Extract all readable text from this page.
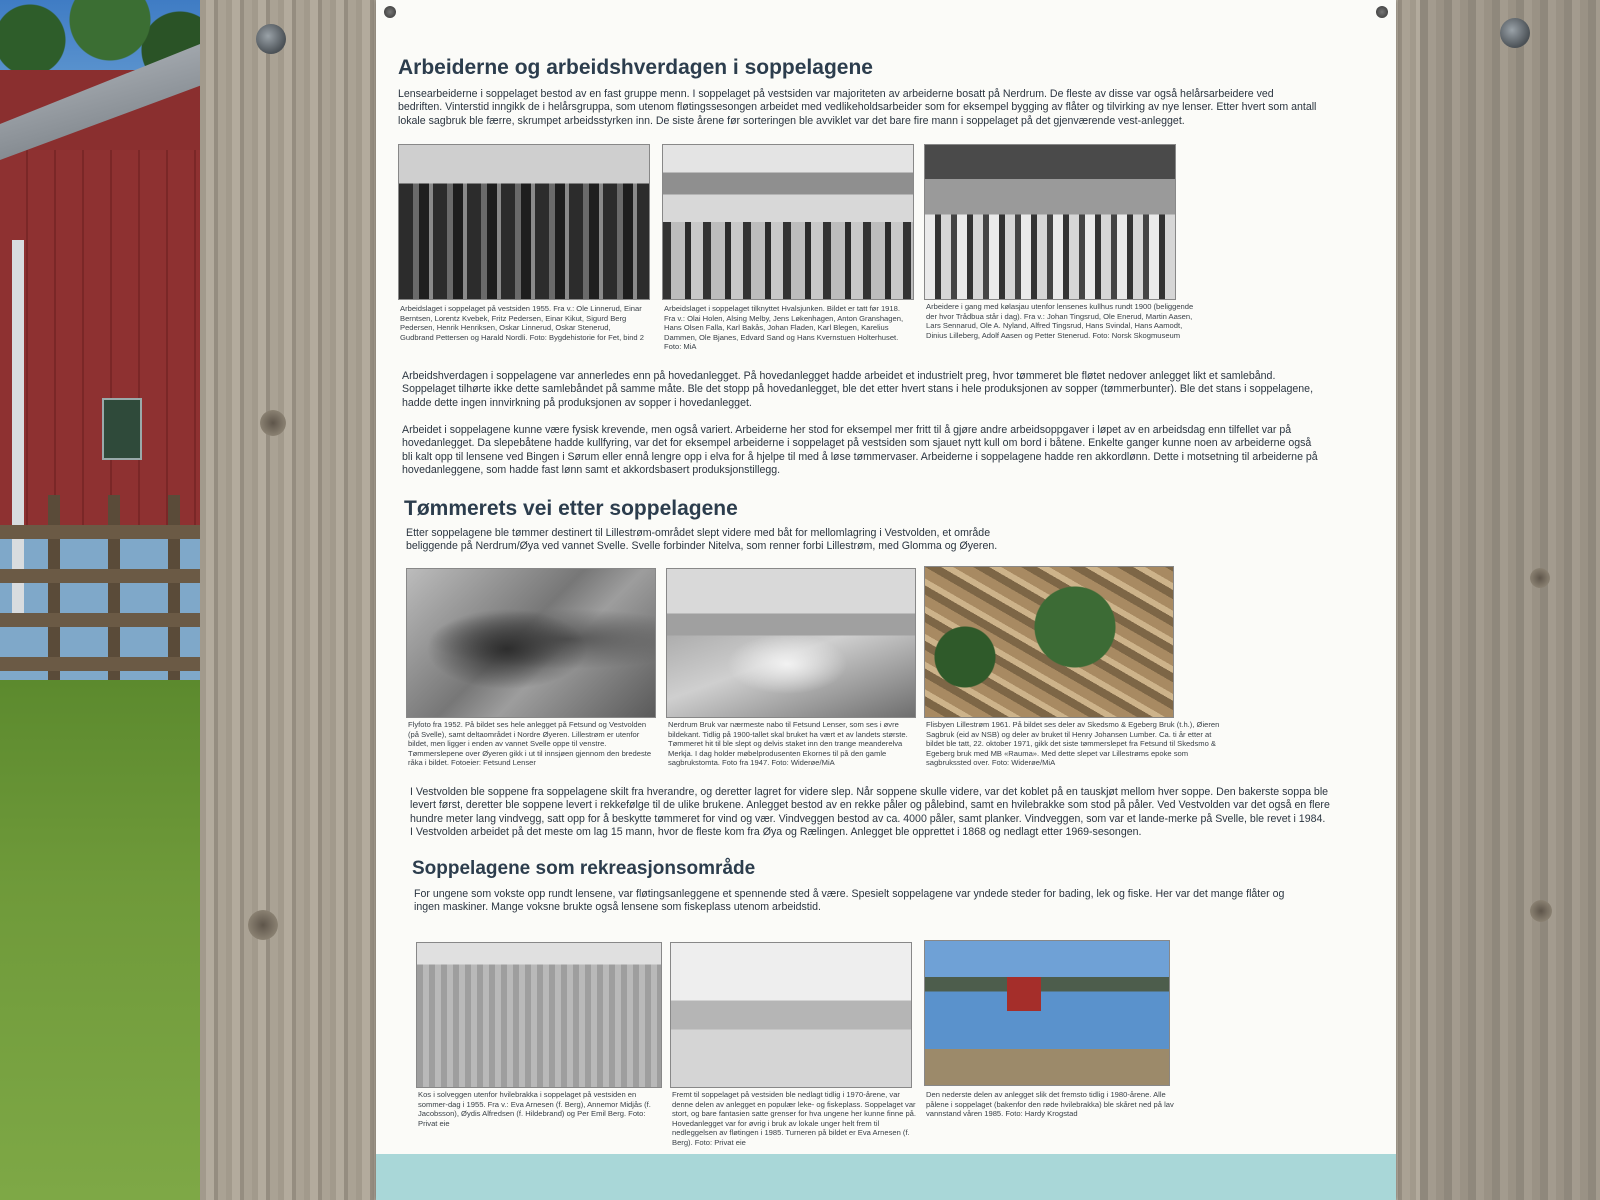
Arbeiderne og arbeidshverdagen i soppelagene

Lensearbeiderne i soppelaget bestod av en fast gruppe menn. I soppelaget på vestsiden var majoriteten av arbeiderne bosatt på Nerdrum. De fleste av disse var også helårsarbeidere ved bedriften. Vinterstid inngikk de i helårsgruppa, som utenom fløtingssesongen arbeidet med vedlikeholdsarbeider som for eksempel bygging av flåter og tilvirking av nye lenser. Etter hvert som antall lokale sagbruk ble færre, skrumpet arbeidsstyrken inn. De siste årene før sorteringen ble avviklet var det bare fire mann i soppelaget på det gjenværende vest-anlegget.

Arbeidslaget i soppelaget på vestsiden 1955. Fra v.: Ole Linnerud, Einar Berntsen, Lorentz Kvebek, Fritz Pedersen, Einar Kikut, Sigurd Berg Pedersen, Henrik Henriksen, Oskar Linnerud, Oskar Stenerud, Gudbrand Pettersen og Harald Nordli. Foto: Bygdehistorie for Fet, bind 2

Arbeidslaget i soppelaget tilknyttet Hvalsjunken. Bildet er tatt før 1918. Fra v.: Olai Holen, Alsing Melby, Jens Løkenhagen, Anton Granshagen, Hans Olsen Falla, Karl Bakås, Johan Fladen, Karl Blegen, Karelius Dammen, Ole Bjanes, Edvard Sand og Hans Kvernstuen Holterhuset. Foto: MiA

Arbeidere i gang med kølasjau utenfor lensenes kullhus rundt 1900 (beliggende der hvor Trådbua står i dag). Fra v.: Johan Tingsrud, Ole Enerud, Martin Aasen, Lars Sennarud, Ole A. Nyland, Alfred Tingsrud, Hans Svindal, Hans Aamodt, Dinius Lilleberg, Adolf Aasen og Petter Stenerud. Foto: Norsk Skogmuseum

Arbeidshverdagen i soppelagene var annerledes enn på hovedanlegget. På hovedanlegget hadde arbeidet et industrielt preg, hvor tømmeret ble fløtet nedover anlegget likt et samlebånd. Soppelaget tilhørte ikke dette samlebåndet på samme måte. Ble det stopp på hovedanlegget, ble det etter hvert stans i hele produksjonen av sopper (tømmerbunter). Ble det stans i soppelagene, hadde dette ingen innvirkning på produksjonen av sopper i hovedanlegget.

Arbeidet i soppelagene kunne være fysisk krevende, men også variert. Arbeiderne her stod for eksempel mer fritt til å gjøre andre arbeidsoppgaver i løpet av en arbeidsdag enn tilfellet var på hovedanlegget. Da slepebåtene hadde kullfyring, var det for eksempel arbeiderne i soppelaget på vestsiden som sjauet nytt kull om bord i båtene. Enkelte ganger kunne noen av arbeiderne også bli kalt opp til lensene ved Bingen i Sørum eller ennå lengre opp i elva for å hjelpe til med å løse tømmervaser. Arbeiderne i soppelagene hadde ren akkordlønn. Dette i motsetning til arbeiderne på hovedanleggene, som hadde fast lønn samt et akkordsbasert produksjonstillegg.

Tømmerets vei etter soppelagene

Etter soppelagene ble tømmer destinert til Lillestrøm-området slept videre med båt for mellomlagring i Vestvolden, et område beliggende på Nerdrum/Øya ved vannet Svelle. Svelle forbinder Nitelva, som renner forbi Lillestrøm, med Glomma og Øyeren.

Flyfoto fra 1952. På bildet ses hele anlegget på Fetsund og Vestvolden (på Svelle), samt deltaområdet i Nordre Øyeren. Lillestrøm er utenfor bildet, men ligger i enden av vannet Svelle oppe til venstre. Tømmerslepene over Øyeren gikk i ut til innsjøen gjennom den bredeste råka i bildet. Fotoeier: Fetsund Lenser

Nerdrum Bruk var nærmeste nabo til Fetsund Lenser, som ses i øvre bildekant. Tidlig på 1900-tallet skal bruket ha vært et av landets største. Tømmeret hit til ble slept og delvis staket inn den trange meanderelva Merkja. I dag holder møbelprodusenten Ekornes til på den gamle sagbrukstomta. Foto fra 1947. Foto: Widerøe/MiA

Flisbyen Lillestrøm 1961. På bildet ses deler av Skedsmo & Egeberg Bruk (t.h.), Øieren Sagbruk (eid av NSB) og deler av bruket til Henry Johansen Lumber. Ca. ti år etter at bildet ble tatt, 22. oktober 1971, gikk det siste tømmerslepet fra Fetsund til Skedsmo & Egeberg bruk med MB «Rauma». Med dette slepet var Lillestrøms epoke som sagbrukssted over. Foto: Widerøe/MiA

I Vestvolden ble soppene fra soppelagene skilt fra hverandre, og deretter lagret for videre slep. Når soppene skulle videre, var det koblet på en tauskjøt mellom hver soppe. Den bakerste soppa ble levert først, deretter ble soppene levert i rekkefølge til de ulike brukene. Anlegget bestod av en rekke påler og pålebind, samt en hvilebrakke som stod på påler. Ved Vestvolden var det også en flere hundre meter lang vindvegg, satt opp for å beskytte tømmeret for vind og vær. Vindveggen bestod av ca. 4000 påler, samt planker. Vindveggen, som var et lande-merke på Svelle, ble revet i 1984. I Vestvolden arbeidet på det meste om lag 15 mann, hvor de fleste kom fra Øya og Rælingen. Anlegget ble opprettet i 1868 og nedlagt etter 1969-sesongen.

Soppelagene som rekreasjonsområde

For ungene som vokste opp rundt lensene, var fløtingsanleggene et spennende sted å være. Spesielt soppelagene var yndede steder for bading, lek og fiske. Her var det mange flåter og ingen maskiner. Mange voksne brukte også lensene som fiskeplass utenom arbeidstid.

Kos i solveggen utenfor hvilebrakka i soppelaget på vestsiden en sommer-dag i 1955. Fra v.: Eva Arnesen (f. Berg), Annemor Midjås (f. Jacobsson), Øydis Alfredsen (f. Hildebrand) og Per Emil Berg. Foto: Privat eie

Fremt til soppelaget på vestsiden ble nedlagt tidlig i 1970-årene, var denne delen av anlegget en populær leke- og fiskeplass. Soppelaget var stort, og bare fantasien satte grenser for hva ungene her kunne finne på. Hovedanlegget var for øvrig i bruk av lokale unger helt frem til nedleggelsen av fløtingen i 1985. Turneren på bildet er Eva Arnesen (f. Berg). Foto: Privat eie

Den nederste delen av anlegget slik det fremsto tidlig i 1980-årene. Alle pålene i soppelaget (bakenfor den røde hvilebrakka) ble skåret ned på lav vannstand våren 1985. Foto: Hardy Krogstad
